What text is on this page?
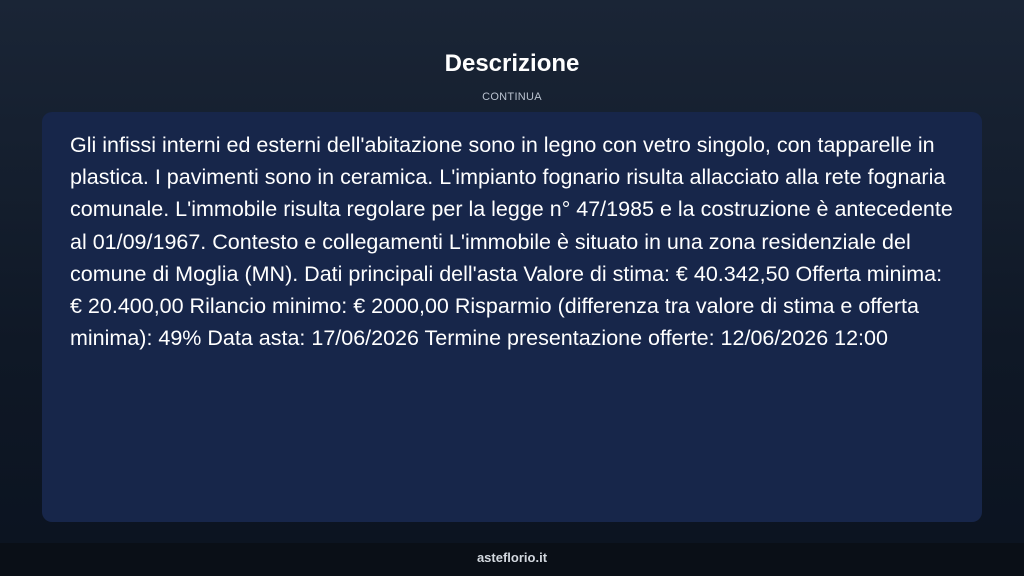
Descrizione
CONTINUA

Gli infissi interni ed esterni dell'abitazione sono in legno con vetro singolo, con tapparelle in plastica. I pavimenti sono in ceramica. L'impianto fognario risulta allacciato alla rete fognaria comunale. L'immobile risulta regolare per la legge n° 47/1985 e la costruzione è antecedente al 01/09/1967. Contesto e collegamenti L'immobile è situato in una zona residenziale del comune di Moglia (MN). Dati principali dell'asta Valore di stima: € 40.342,50 Offerta minima: € 20.400,00 Rilancio minimo: € 2000,00 Risparmio (differenza tra valore di stima e offerta minima): 49% Data asta: 17/06/2026 Termine presentazione offerte: 12/06/2026 12:00

asteflorio.it
